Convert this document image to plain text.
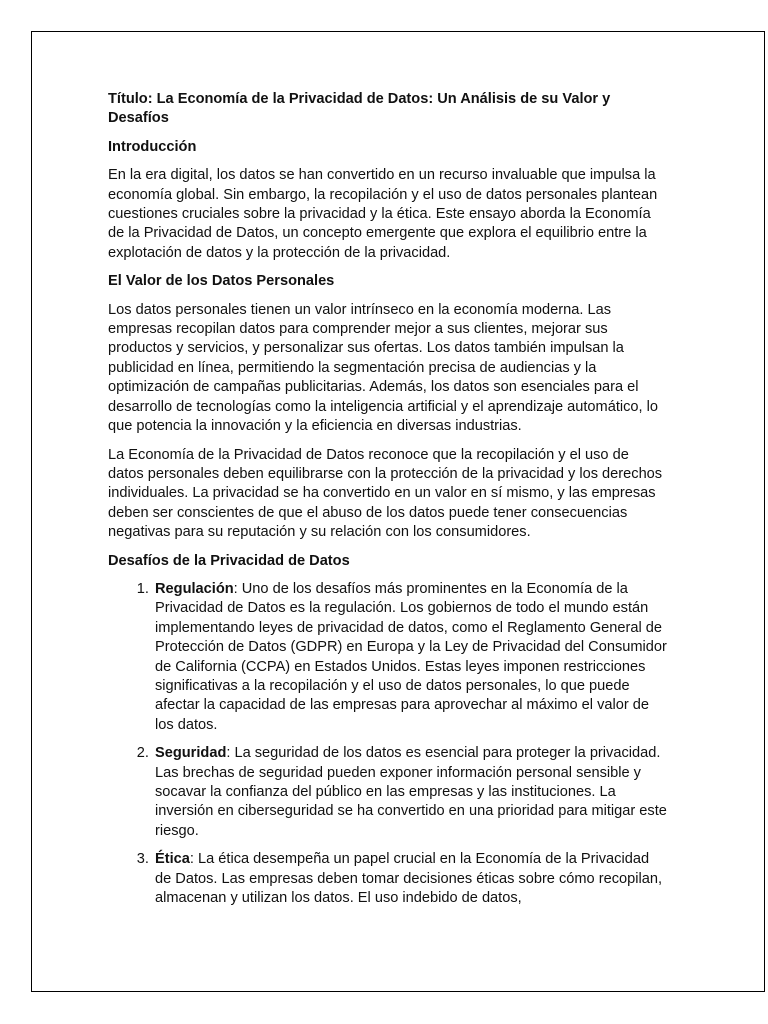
Título: La Economía de la Privacidad de Datos: Un Análisis de su Valor y Desafíos
Introducción

En la era digital, los datos se han convertido en un recurso invaluable que impulsa la economía global. Sin embargo, la recopilación y el uso de datos personales plantean cuestiones cruciales sobre la privacidad y la ética. Este ensayo aborda la Economía de la Privacidad de Datos, un concepto emergente que explora el equilibrio entre la explotación de datos y la protección de la privacidad.

El Valor de los Datos Personales

Los datos personales tienen un valor intrínseco en la economía moderna. Las empresas recopilan datos para comprender mejor a sus clientes, mejorar sus productos y servicios, y personalizar sus ofertas. Los datos también impulsan la publicidad en línea, permitiendo la segmentación precisa de audiencias y la optimización de campañas publicitarias. Además, los datos son esenciales para el desarrollo de tecnologías como la inteligencia artificial y el aprendizaje automático, lo que potencia la innovación y la eficiencia en diversas industrias.

La Economía de la Privacidad de Datos reconoce que la recopilación y el uso de datos personales deben equilibrarse con la protección de la privacidad y los derechos individuales. La privacidad se ha convertido en un valor en sí mismo, y las empresas deben ser conscientes de que el abuso de los datos puede tener consecuencias negativas para su reputación y su relación con los consumidores.

Desafíos de la Privacidad de Datos
1. Regulación: Uno de los desafíos más prominentes en la Economía de la Privacidad de Datos es la regulación. Los gobiernos de todo el mundo están implementando leyes de privacidad de datos, como el Reglamento General de Protección de Datos (GDPR) en Europa y la Ley de Privacidad del Consumidor de California (CCPA) en Estados Unidos. Estas leyes imponen restricciones significativas a la recopilación y el uso de datos personales, lo que puede afectar la capacidad de las empresas para aprovechar al máximo el valor de los datos.
2. Seguridad: La seguridad de los datos es esencial para proteger la privacidad. Las brechas de seguridad pueden exponer información personal sensible y socavar la confianza del público en las empresas y las instituciones. La inversión en ciberseguridad se ha convertido en una prioridad para mitigar este riesgo.
3. Ética: La ética desempeña un papel crucial en la Economía de la Privacidad de Datos. Las empresas deben tomar decisiones éticas sobre cómo recopilan, almacenan y utilizan los datos. El uso indebido de datos,
